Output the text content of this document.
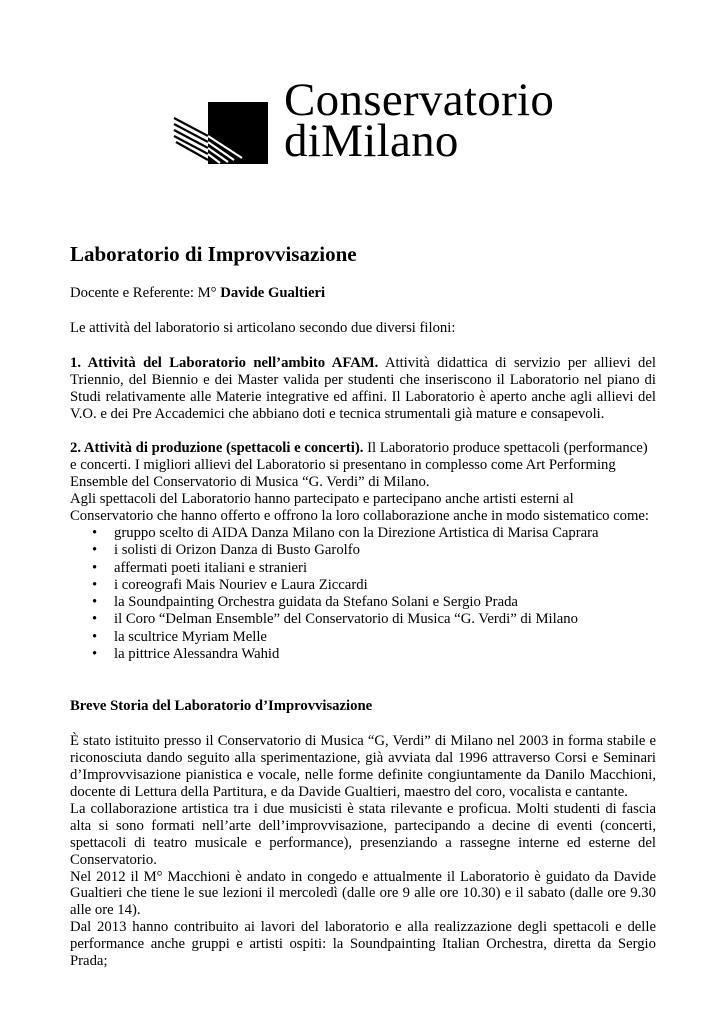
Conservatorio
diMilano
Laboratorio di Improvvisazione

Docente e Referente: M° Davide Gualtieri

Le attività del laboratorio si articolano secondo due diversi filoni:

1. Attività del Laboratorio nell’ambito AFAM. Attività didattica di servizio per allievi del Triennio, del Biennio e dei Master valida per studenti che inseriscono il Laboratorio nel piano di Studi relativamente alle Materie integrative ed affini. Il Laboratorio è aperto anche agli allievi del V.O. e dei Pre Accademici che abbiano doti e tecnica strumentali già mature e consapevoli.

2. Attività di produzione (spettacoli e concerti). Il Laboratorio produce spettacoli (performance) e concerti. I migliori allievi del Laboratorio si presentano in complesso come Art Performing Ensemble del Conservatorio di Musica “G. Verdi” di Milano.

Agli spettacoli del Laboratorio hanno partecipato e partecipano anche artisti esterni al Conservatorio che hanno offerto e offrono la loro collaborazione anche in modo sistematico come:

• gruppo scelto di AIDA Danza Milano con la Direzione Artistica di Marisa Caprara
• i solisti di Orizon Danza di Busto Garolfo
• affermati poeti italiani e stranieri
• i coreografi Mais Nouriev e Laura Ziccardi
• la Soundpainting Orchestra guidata da Stefano Solani e Sergio Prada
• il Coro “Delman Ensemble” del Conservatorio di Musica “G. Verdi” di Milano
• la scultrice Myriam Melle
• la pittrice Alessandra Wahid

Breve Storia del Laboratorio d’Improvvisazione

È stato istituito presso il Conservatorio di Musica “G, Verdi” di Milano nel 2003 in forma stabile e riconosciuta dando seguito alla sperimentazione, già avviata dal 1996 attraverso Corsi e Seminari d’Improvvisazione pianistica e vocale, nelle forme definite congiuntamente da Danilo Macchioni, docente di Lettura della Partitura, e da Davide Gualtieri, maestro del coro, vocalista e cantante.

La collaborazione artistica tra i due musicisti è stata rilevante e proficua. Molti studenti di fascia alta si sono formati nell’arte dell’improvvisazione, partecipando a decine di eventi (concerti, spettacoli di teatro musicale e performance), presenziando a rassegne interne ed esterne del Conservatorio.

Nel 2012 il M° Macchioni è andato in congedo e attualmente il Laboratorio è guidato da Davide Gualtieri che tiene le sue lezioni il mercoledì (dalle ore 9 alle ore 10.30) e il sabato (dalle ore 9.30 alle ore 14).

Dal 2013 hanno contribuito ai lavori del laboratorio e alla realizzazione degli spettacoli e delle performance anche gruppi e artisti ospiti: la Soundpainting Italian Orchestra, diretta da Sergio Prada;
